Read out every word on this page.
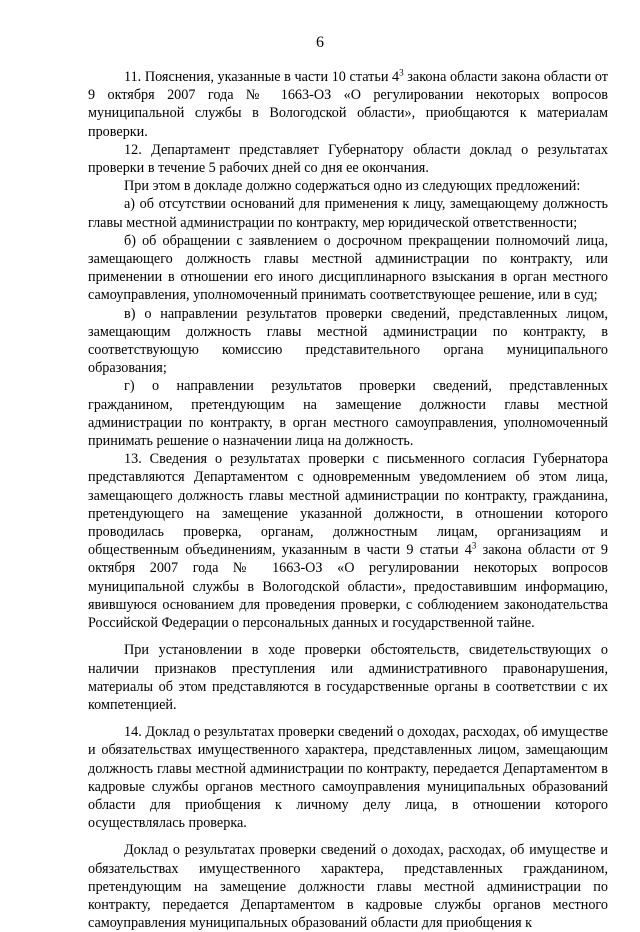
6

11. Пояснения, указанные в части 10 статьи $4^3$ закона области закона области от 9 октября 2007 года № 1663-ОЗ «О регулировании некоторых вопросов муниципальной службы в Вологодской области», приобщаются к материалам проверки.

12. Департамент представляет Губернатору области доклад о результатах проверки в течение 5 рабочих дней со дня ее окончания.

При этом в докладе должно содержаться одно из следующих предложений:

а) об отсутствии оснований для применения к лицу, замещающему должность главы местной администрации по контракту, мер юридической ответственности;

б) об обращении с заявлением о досрочном прекращении полномочий лица, замещающего должность главы местной администрации по контракту, или применении в отношении его иного дисциплинарного взыскания в орган местного самоуправления, уполномоченный принимать соответствующее решение, или в суд;

в) о направлении результатов проверки сведений, представленных лицом, замещающим должность главы местной администрации по контракту, в соответствующую комиссию представительного органа муниципального образования;

г) о направлении результатов проверки сведений, представленных гражданином, претендующим на замещение должности главы местной администрации по контракту, в орган местного самоуправления, уполномоченный принимать решение о назначении лица на должность.

13. Сведения о результатах проверки с письменного согласия Губернатора представляются Департаментом с одновременным уведомлением об этом лица, замещающего должность главы местной администрации по контракту, гражданина, претендующего на замещение указанной должности, в отношении которого проводилась проверка, органам, должностным лицам, организациям и общественным объединениям, указанным в части 9 статьи $4^3$ закона области от 9 октября 2007 года № 1663-ОЗ «О регулировании некоторых вопросов муниципальной службы в Вологодской области», предоставившим информацию, явившуюся основанием для проведения проверки, с соблюдением законодательства Российской Федерации о персональных данных и государственной тайне.

При установлении в ходе проверки обстоятельств, свидетельствующих о наличии признаков преступления или административного правонарушения, материалы об этом представляются в государственные органы в соответствии с их компетенцией.

14. Доклад о результатах проверки сведений о доходах, расходах, об имуществе и обязательствах имущественного характера, представленных лицом, замещающим должность главы местной администрации по контракту, передается Департаментом в кадровые службы органов местного самоуправления муниципальных образований области для приобщения к личному делу лица, в отношении которого осуществлялась проверка.

Доклад о результатах проверки сведений о доходах, расходах, об имуществе и обязательствах имущественного характера, представленных гражданином, претендующим на замещение должности главы местной администрации по контракту, передается Департаментом в кадровые службы органов местного самоуправления муниципальных образований области для приобщения к
